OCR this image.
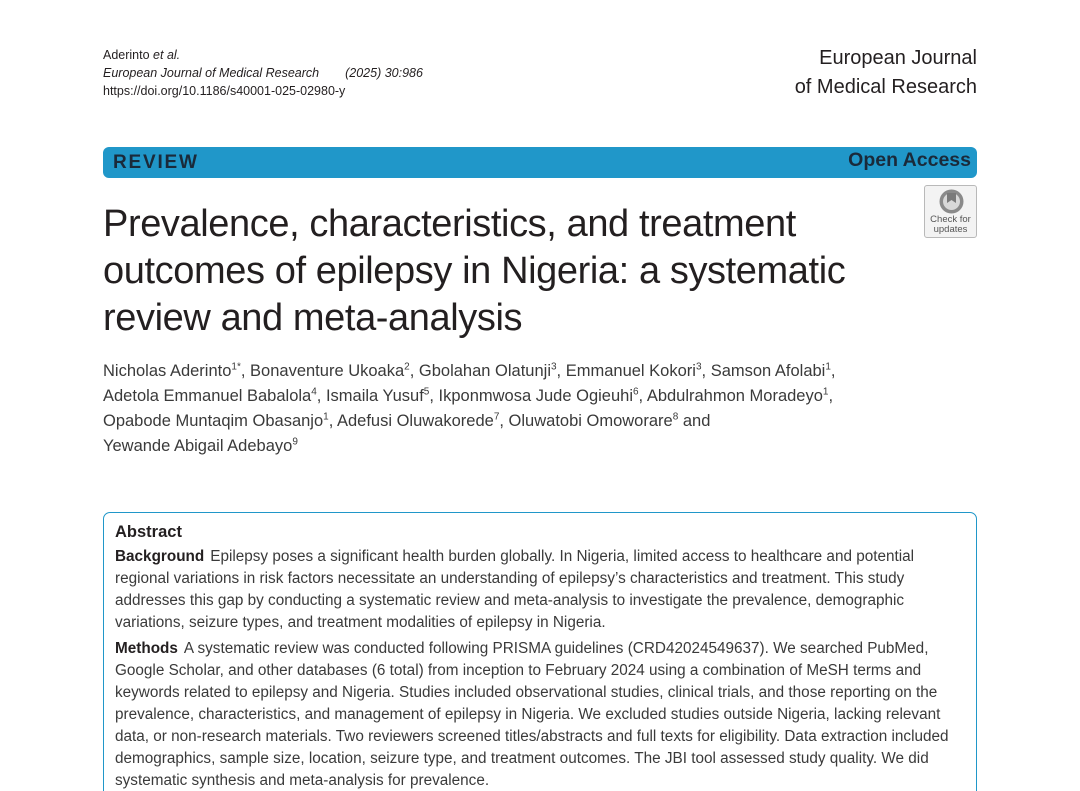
Aderinto et al.
European Journal of Medical Research (2025) 30:986
https://doi.org/10.1186/s40001-025-02980-y
European Journal
of Medical Research
REVIEW	Open Access
Check for
updates
Prevalence, characteristics, and treatment outcomes of epilepsy in Nigeria: a systematic review and meta-analysis
Nicholas Aderinto$^{1*}$, Bonaventure Ukoaka$^2$, Gbolahan Olatunji$^3$, Emmanuel Kokori$^3$, Samson Afolabi$^1$,
Adetola Emmanuel Babalola$^4$, Ismaila Yusuf$^5$, Ikponmwosa Jude Ogieuhi$^6$, Abdulrahmon Moradeyo$^1$,
Opabode Muntaqim Obasanjo$^1$, Adefusi Oluwakorede$^7$, Oluwatobi Omoworare$^8$ and
Yewande Abigail Adebayo$^9$
Abstract

Background Epilepsy poses a significant health burden globally. In Nigeria, limited access to healthcare and potential regional variations in risk factors necessitate an understanding of epilepsy’s characteristics and treatment. This study addresses this gap by conducting a systematic review and meta-analysis to investigate the prevalence, demographic variations, seizure types, and treatment modalities of epilepsy in Nigeria.

Methods A systematic review was conducted following PRISMA guidelines (CRD42024549637). We searched PubMed, Google Scholar, and other databases (6 total) from inception to February 2024 using a combination of MeSH terms and keywords related to epilepsy and Nigeria. Studies included observational studies, clinical trials, and those reporting on the prevalence, characteristics, and management of epilepsy in Nigeria. We excluded studies outside Nigeria, lacking relevant data, or non-research materials. Two reviewers screened titles/abstracts and full texts for eligibility. Data extraction included demographics, sample size, location, seizure type, and treatment outcomes. The JBI tool assessed study quality. We did systematic synthesis and meta-analysis for prevalence.
